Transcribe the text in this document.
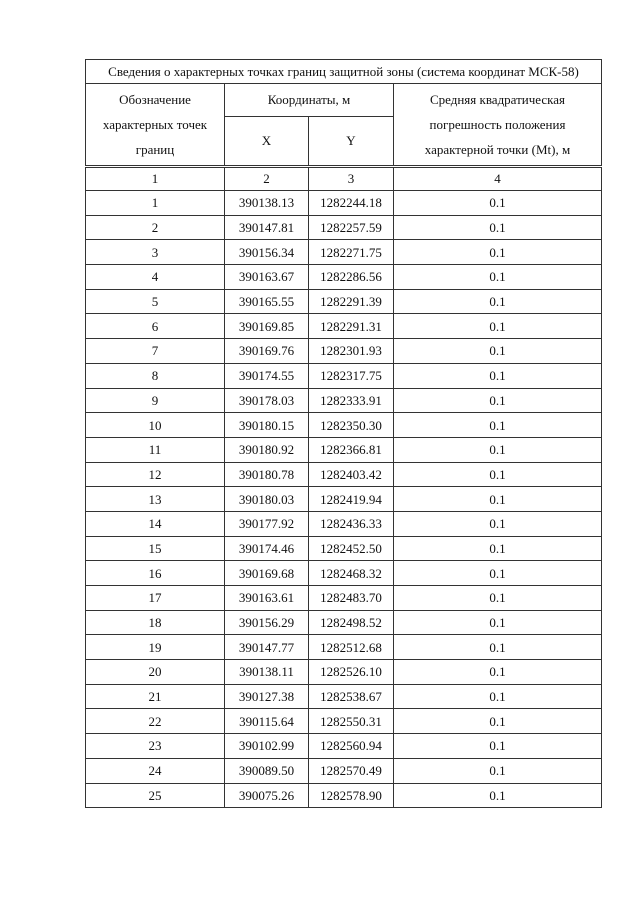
Сведения о характерных точках границ защитной зоны (система координат МСК-58)			
Обозначение характерных точек границ	Координаты, м		Средняя квадратическая погрешность положения характерной точки (Mt), м
	X	Y	
1	2	3	4
1	390138.13	1282244.18	0.1
2	390147.81	1282257.59	0.1
3	390156.34	1282271.75	0.1
4	390163.67	1282286.56	0.1
5	390165.55	1282291.39	0.1
6	390169.85	1282291.31	0.1
7	390169.76	1282301.93	0.1
8	390174.55	1282317.75	0.1
9	390178.03	1282333.91	0.1
10	390180.15	1282350.30	0.1
11	390180.92	1282366.81	0.1
12	390180.78	1282403.42	0.1
13	390180.03	1282419.94	0.1
14	390177.92	1282436.33	0.1
15	390174.46	1282452.50	0.1
16	390169.68	1282468.32	0.1
17	390163.61	1282483.70	0.1
18	390156.29	1282498.52	0.1
19	390147.77	1282512.68	0.1
20	390138.11	1282526.10	0.1
21	390127.38	1282538.67	0.1
22	390115.64	1282550.31	0.1
23	390102.99	1282560.94	0.1
24	390089.50	1282570.49	0.1
25	390075.26	1282578.90	0.1
